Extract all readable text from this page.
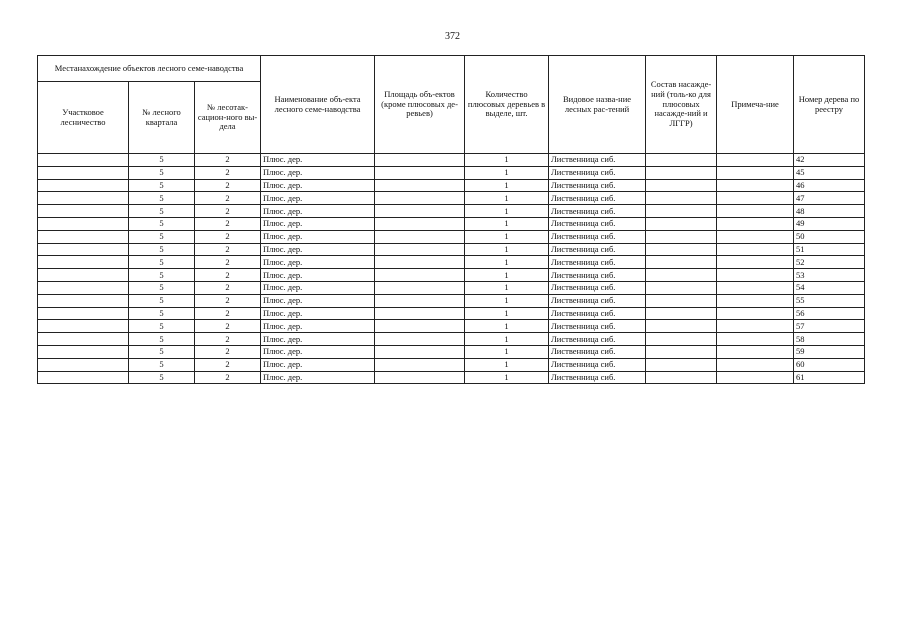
372
Местанахождение объектов лесного семе-наводства			Наименование объ-екта лесного семе-наводства	Площадь объ-ектов (кроме плюсовых де-ревьев)	Количество плюсовых деревьев в выделе, шт.	Видовое назва-ние лесных рас-тений	Состав насажде-ний (толь-ко для плюсовых насажде-ний и ЛГГР)	Примеча-ние	Номер дерева по реестру
Участковое лесничество	№ лесного квартала	№ лесотак-сацион-ного вы-дела							
	5	2	Плюс. дер.		1	Лиственница сиб.			42
	5	2	Плюс. дер.		1	Лиственница сиб.			45
	5	2	Плюс. дер.		1	Лиственница сиб.			46
	5	2	Плюс. дер.		1	Лиственница сиб.			47
	5	2	Плюс. дер.		1	Лиственница сиб.			48
	5	2	Плюс. дер.		1	Лиственница сиб.			49
	5	2	Плюс. дер.		1	Лиственница сиб.			50
	5	2	Плюс. дер.		1	Лиственница сиб.			51
	5	2	Плюс. дер.		1	Лиственница сиб.			52
	5	2	Плюс. дер.		1	Лиственница сиб.			53
	5	2	Плюс. дер.		1	Лиственница сиб.			54
	5	2	Плюс. дер.		1	Лиственница сиб.			55
	5	2	Плюс. дер.		1	Лиственница сиб.			56
	5	2	Плюс. дер.		1	Лиственница сиб.			57
	5	2	Плюс. дер.		1	Лиственница сиб.			58
	5	2	Плюс. дер.		1	Лиственница сиб.			59
	5	2	Плюс. дер.		1	Лиственница сиб.			60
	5	2	Плюс. дер.		1	Лиственница сиб.			61
